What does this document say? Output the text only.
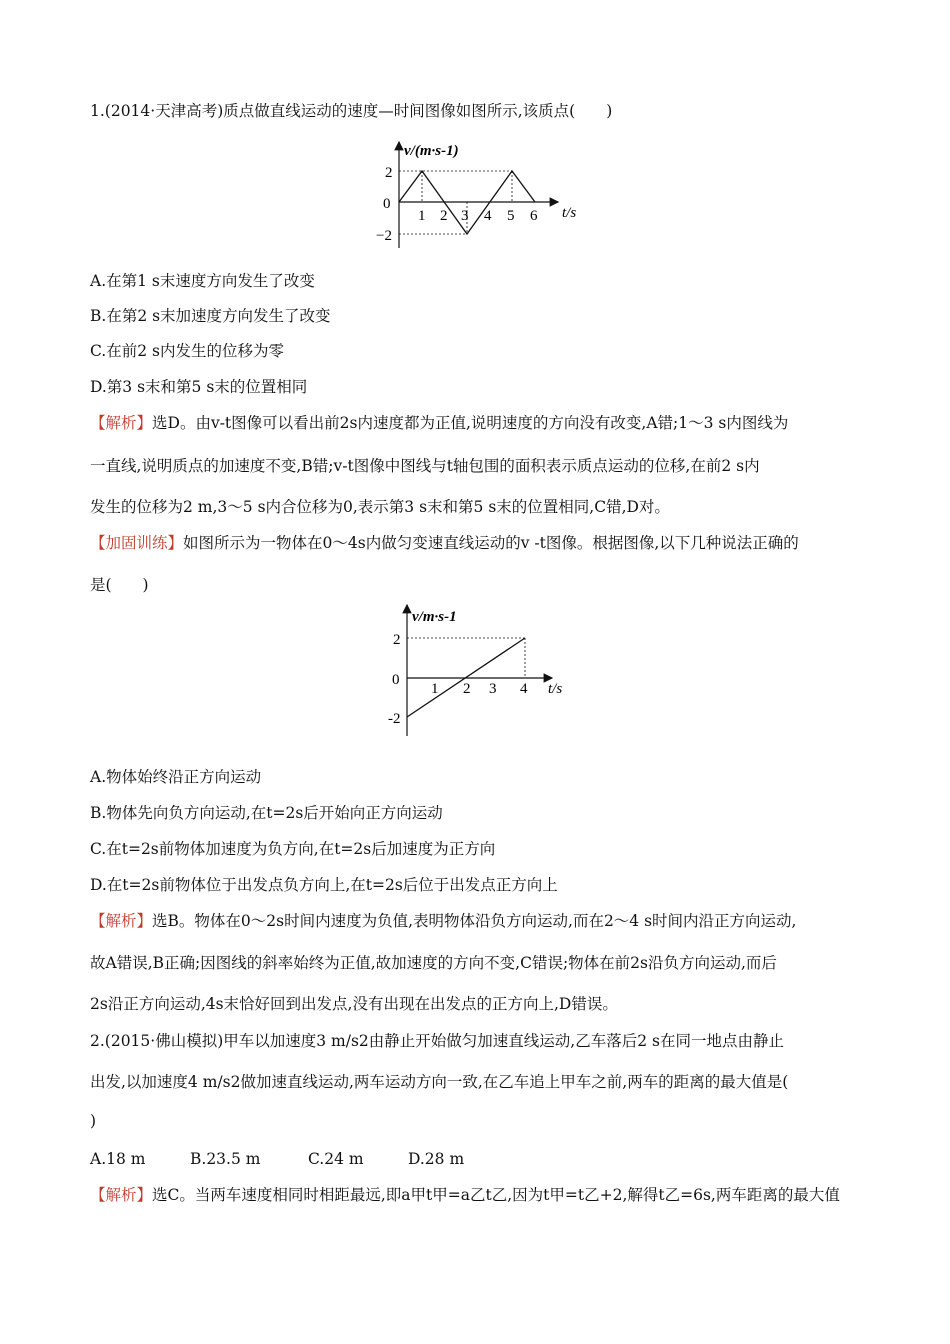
1.(2014·天津高考)质点做直线运动的速度—时间图像如图所示,该质点(　　)
v/(m·s-1)
t/s
0
2
−2
1 2 3 4 5 6
A.在第1 s末速度方向发生了改变
B.在第2 s末加速度方向发生了改变
C.在前2 s内发生的位移为零
D.第3 s末和第5 s末的位置相同
【解析】选D。由v-t图像可以看出前2s内速度都为正值,说明速度的方向没有改变,A错;1～3 s内图线为
一直线,说明质点的加速度不变,B错;v-t图像中图线与t轴包围的面积表示质点运动的位移,在前2 s内
发生的位移为2 m,3～5 s内合位移为0,表示第3 s末和第5 s末的位置相同,C错,D对。
【加固训练】如图所示为一物体在0～4s内做匀变速直线运动的v -t图像。根据图像,以下几种说法正确的
是(　　)
v/m·s-1
t/s
0
2
-2
1 2 3 4
A.物体始终沿正方向运动
B.物体先向负方向运动,在t=2s后开始向正方向运动
C.在t=2s前物体加速度为负方向,在t=2s后加速度为正方向
D.在t=2s前物体位于出发点负方向上,在t=2s后位于出发点正方向上
【解析】选B。物体在0～2s时间内速度为负值,表明物体沿负方向运动,而在2～4 s时间内沿正方向运动,
故A错误,B正确;因图线的斜率始终为正值,故加速度的方向不变,C错误;物体在前2s沿负方向运动,而后
2s沿正方向运动,4s末恰好回到出发点,没有出现在出发点的正方向上,D错误。
2.(2015·佛山模拟)甲车以加速度3 m/s2由静止开始做匀加速直线运动,乙车落后2 s在同一地点由静止
出发,以加速度4 m/s2做加速直线运动,两车运动方向一致,在乙车追上甲车之前,两车的距离的最大值是(
)
A.18 m	B.23.5 m	C.24 m	D.28 m
【解析】选C。当两车速度相同时相距最远,即a甲t甲=a乙t乙,因为t甲=t乙+2,解得t乙=6s,两车距离的最大值
